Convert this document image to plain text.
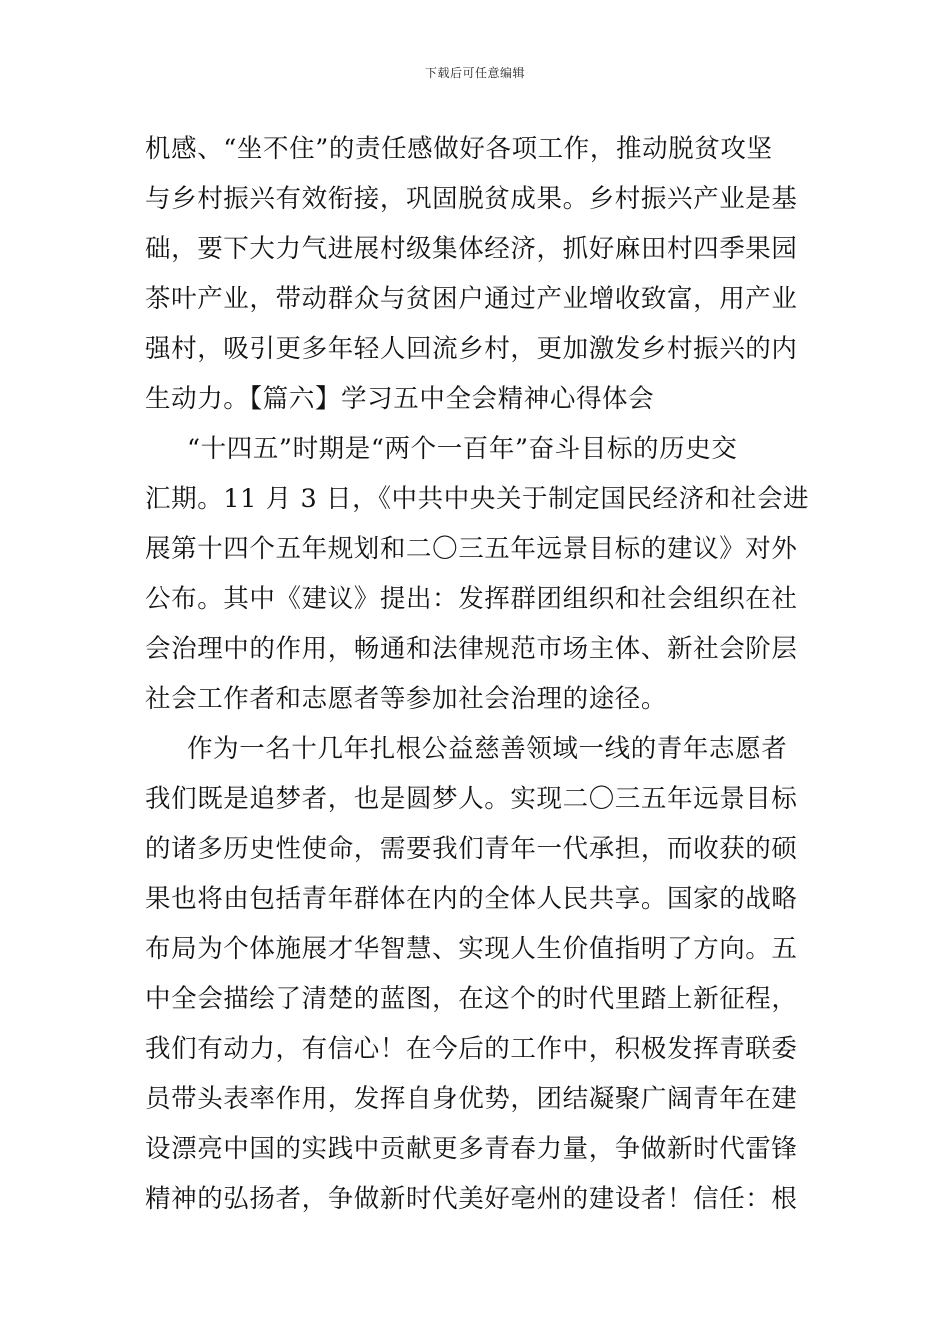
下载后可任意编辑
机感、“坐不住”的责任感做好各项工作，推动脱贫攻坚
与乡村振兴有效衔接，巩固脱贫成果。乡村振兴产业是基
础，要下大力气进展村级集体经济，抓好麻田村四季果园
茶叶产业，带动群众与贫困户通过产业增收致富，用产业
强村，吸引更多年轻人回流乡村，更加激发乡村振兴的内
生动力。【篇六】学习五中全会精神心得体会
“十四五”时期是“两个一百年”奋斗目标的历史交
汇期。11 月 3 日，《中共中央关于制定国民经济和社会进
展第十四个五年规划和二〇三五年远景目标的建议》对外
公布。其中《建议》提出：发挥群团组织和社会组织在社
会治理中的作用，畅通和法律规范市场主体、新社会阶层
社会工作者和志愿者等参加社会治理的途径。
作为一名十几年扎根公益慈善领域一线的青年志愿者
我们既是追梦者，也是圆梦人。实现二〇三五年远景目标
的诸多历史性使命，需要我们青年一代承担，而收获的硕
果也将由包括青年群体在内的全体人民共享。国家的战略
布局为个体施展才华智慧、实现人生价值指明了方向。五
中全会描绘了清楚的蓝图，在这个的时代里踏上新征程，
我们有动力，有信心！在今后的工作中，积极发挥青联委
员带头表率作用，发挥自身优势，团结凝聚广阔青年在建
设漂亮中国的实践中贡献更多青春力量，争做新时代雷锋
精神的弘扬者，争做新时代美好亳州的建设者！信任：根
